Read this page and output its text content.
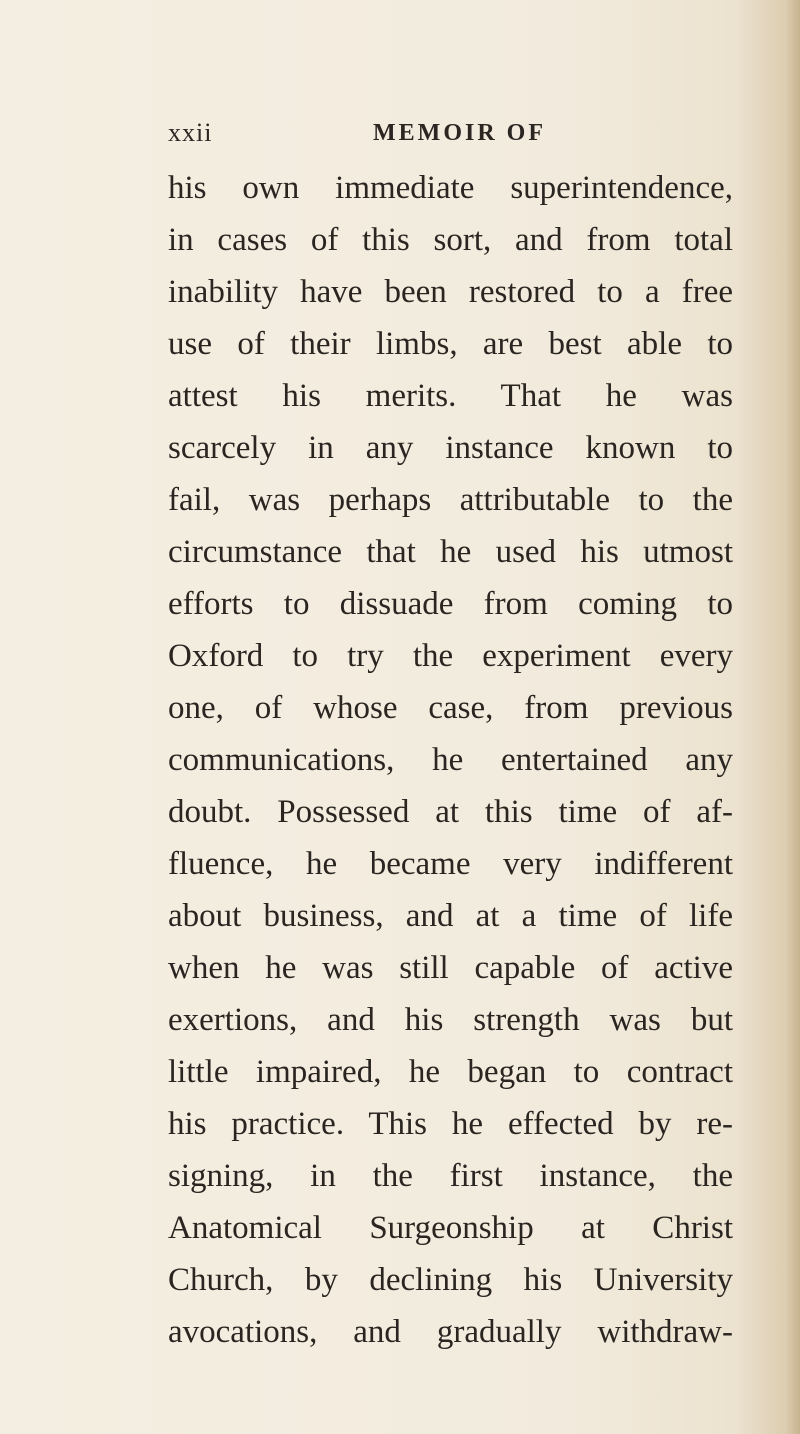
xxii	MEMOIR OF
his own immediate superintendence,
in cases of this sort, and from total
inability have been restored to a free
use of their limbs, are best able to
attest his merits. That he was
scarcely in any instance known to
fail, was perhaps attributable to the
circumstance that he used his utmost
efforts to dissuade from coming to
Oxford to try the experiment every
one, of whose case, from previous
communications, he entertained any
doubt. Possessed at this time of af-
fluence, he became very indifferent
about business, and at a time of life
when he was still capable of active
exertions, and his strength was but
little impaired, he began to contract
his practice. This he effected by re-
signing, in the first instance, the
Anatomical Surgeonship at Christ
Church, by declining his University
avocations, and gradually withdraw-
